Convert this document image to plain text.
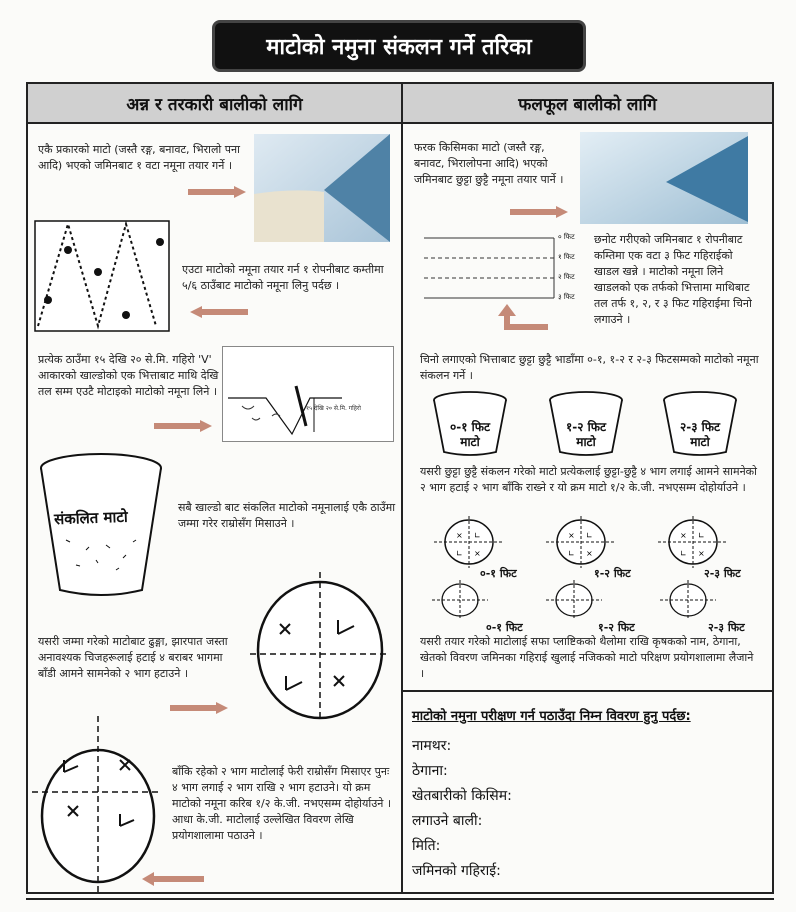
माटोको नमुना संकलन गर्ने तरिका
अन्न र तरकारी बालीको लागि	फलफूल बालीको लागि
एकै प्रकारको माटो (जस्तै रङ्ग, बनावट, भिरालो पना आदि) भएको जमिनबाट १ वटा नमूना तयार गर्ने ।
एउटा माटोको नमूना तयार गर्न १ रोपनीबाट कम्तीमा ५/६ ठाउँबाट माटोको नमूना लिनु पर्दछ ।
प्रत्येक ठाउँमा १५ देखि २० से.मि. गहिरो 'V' आकारको खाल्डोको एक भित्ताबाट माथि देखि तल सम्म एउटै मोटाइको माटोको नमूना लिने ।
१५ देखि २० से.मि. गहिरो
संकलित माटो
सबै खाल्डो बाट संकलित माटोको नमूनालाई एकै ठाउँमा जम्मा गरेर राम्रोसँग मिसाउने ।
यसरी जम्मा गरेको माटोबाट ढुङ्गा, झारपात जस्ता अनावश्यक चिजहरूलाई हटाई ४ बराबर भागमा बाँडी आमने सामनेको २ भाग हटाउने ।
बाँकि रहेको २ भाग माटोलाई फेरी राम्रोसँग मिसाएर पुनः ४ भाग लगाई २ भाग राखि २ भाग हटाउने। यो क्रम माटोको नमूना करिब १/२ के.जी. नभएसम्म दोहोर्याउने । आधा के.जी. माटोलाई उल्लेखित विवरण लेखि प्रयोगशालामा पठाउने ।
फरक किसिमका माटो (जस्तै रङ्ग, बनावट, भिरालोपना आदि) भएको जमिनबाट छुट्टा छुट्टै नमूना तयार पार्ने ।
० फिट
१ फिट
२ फिट
३ फिट
छनोट गरीएको जमिनबाट १ रोपनीबाट कम्तिमा एक वटा ३ फिट गहिराईको खाडल खन्ने । माटोको नमूना लिने खाडलको एक तर्फको भित्तामा माथिबाट तल तर्फ १, २, र ३ फिट गहिराईमा चिनो लगाउने ।
चिनो लगाएको भित्ताबाट छुट्टा छुट्टै भाडाँमा ०-१, १-२ र २-३ फिटसम्मको माटोको नमूना संकलन गर्ने ।
०-१ फिट
माटो
१-२ फिट
माटो
२-३ फिट
माटो
यसरी छुट्टा छुट्टै संकलन गरेको माटो प्रत्येकलाई छुट्टा-छुट्टै ४ भाग लगाई आमने सामनेको २ भाग हटाई २ भाग बाँकि राख्ने र यो क्रम माटो १/२ के.जी. नभएसम्म दोहोर्याउने ।
× ∟
∟ ×
०-१ फिट
× ∟
∟ ×
१-२ फिट
× ∟
∟ ×
२-३ फिट
०-१ फिट	१-२ फिट	२-३ फिट
यसरी तयार गरेको माटोलाई सफा प्लाष्टिकको थैलोमा राखि कृषकको नाम, ठेगाना, खेतको विवरण जमिनका गहिराई खुलाई नजिकको माटो परिक्षण प्रयोगशालामा लैजाने ।
माटोको नमुना परीक्षण गर्न पठाउँदा निम्न विवरण हुनु पर्दछ:
नामथर:
ठेगाना:
खेतबारीको किसिम:
लगाउने बाली:
मिति:
जमिनको गहिराई:
